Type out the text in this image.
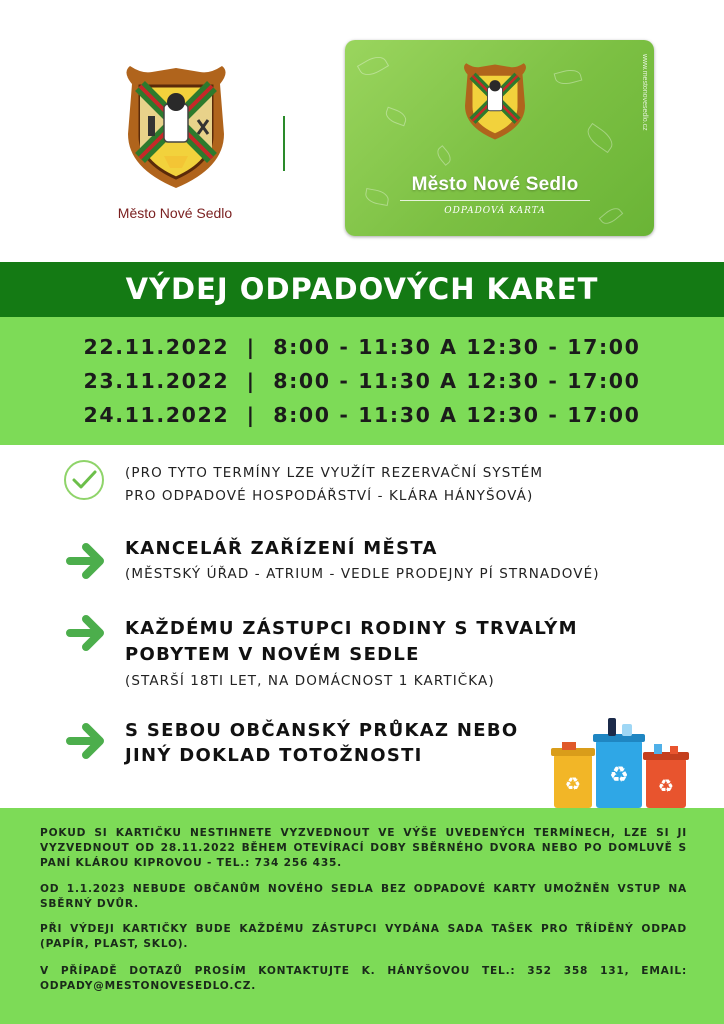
Město Nové Sedlo
Město Nové Sedlo
ODPADOVÁ KARTA
www.mestonovesedlo.cz
VÝDEJ ODPADOVÝCH KARET
22.11.2022  |  8:00 - 11:30 A 12:30 - 17:00
23.11.2022  |  8:00 - 11:30 A 12:30 - 17:00
24.11.2022  |  8:00 - 11:30 A 12:30 - 17:00
(PRO TYTO TERMÍNY LZE VYUŽÍT REZERVAČNÍ SYSTÉM
PRO ODPADOVÉ HOSPODÁŘSTVÍ - KLÁRA HÁNYŠOVÁ)
KANCELÁŘ ZAŘÍZENÍ MĚSTA
(MĚSTSKÝ ÚŘAD - ATRIUM - VEDLE PRODEJNY PÍ STRNADOVÉ)
KAŽDÉMU ZÁSTUPCI RODINY S TRVALÝM
POBYTEM V NOVÉM SEDLE
(STARŠÍ 18TI LET, NA DOMÁCNOST 1 KARTIČKA)
S SEBOU OBČANSKÝ PRŮKAZ NEBO
JINÝ DOKLAD TOTOŽNOSTI
♻ ♻ ♻
POKUD SI KARTIČKU NESTIHNETE VYZVEDNOUT VE VÝŠE UVEDENÝCH TERMÍNECH, LZE SI JI VYZVEDNOUT OD 28.11.2022 BĚHEM OTEVÍRACÍ DOBY SBĚRNÉHO DVORA NEBO PO DOMLUVĚ S PANÍ KLÁROU KIPROVOU - TEL.: 734 256 435.
OD 1.1.2023 NEBUDE OBČANŮM NOVÉHO SEDLA BEZ ODPADOVÉ KARTY UMOŽNĚN VSTUP NA SBĚRNÝ DVŮR.
PŘI VÝDEJI KARTIČKY BUDE KAŽDÉMU ZÁSTUPCI VYDÁNA SADA TAŠEK PRO TŘÍDĚNÝ ODPAD (PAPÍR, PLAST, SKLO).
V PŘÍPADĚ DOTAZŮ PROSÍM KONTAKTUJTE K. HÁNYŠOVOU TEL.: 352 358 131, EMAIL: ODPADY@MESTONOVESEDLO.CZ.
